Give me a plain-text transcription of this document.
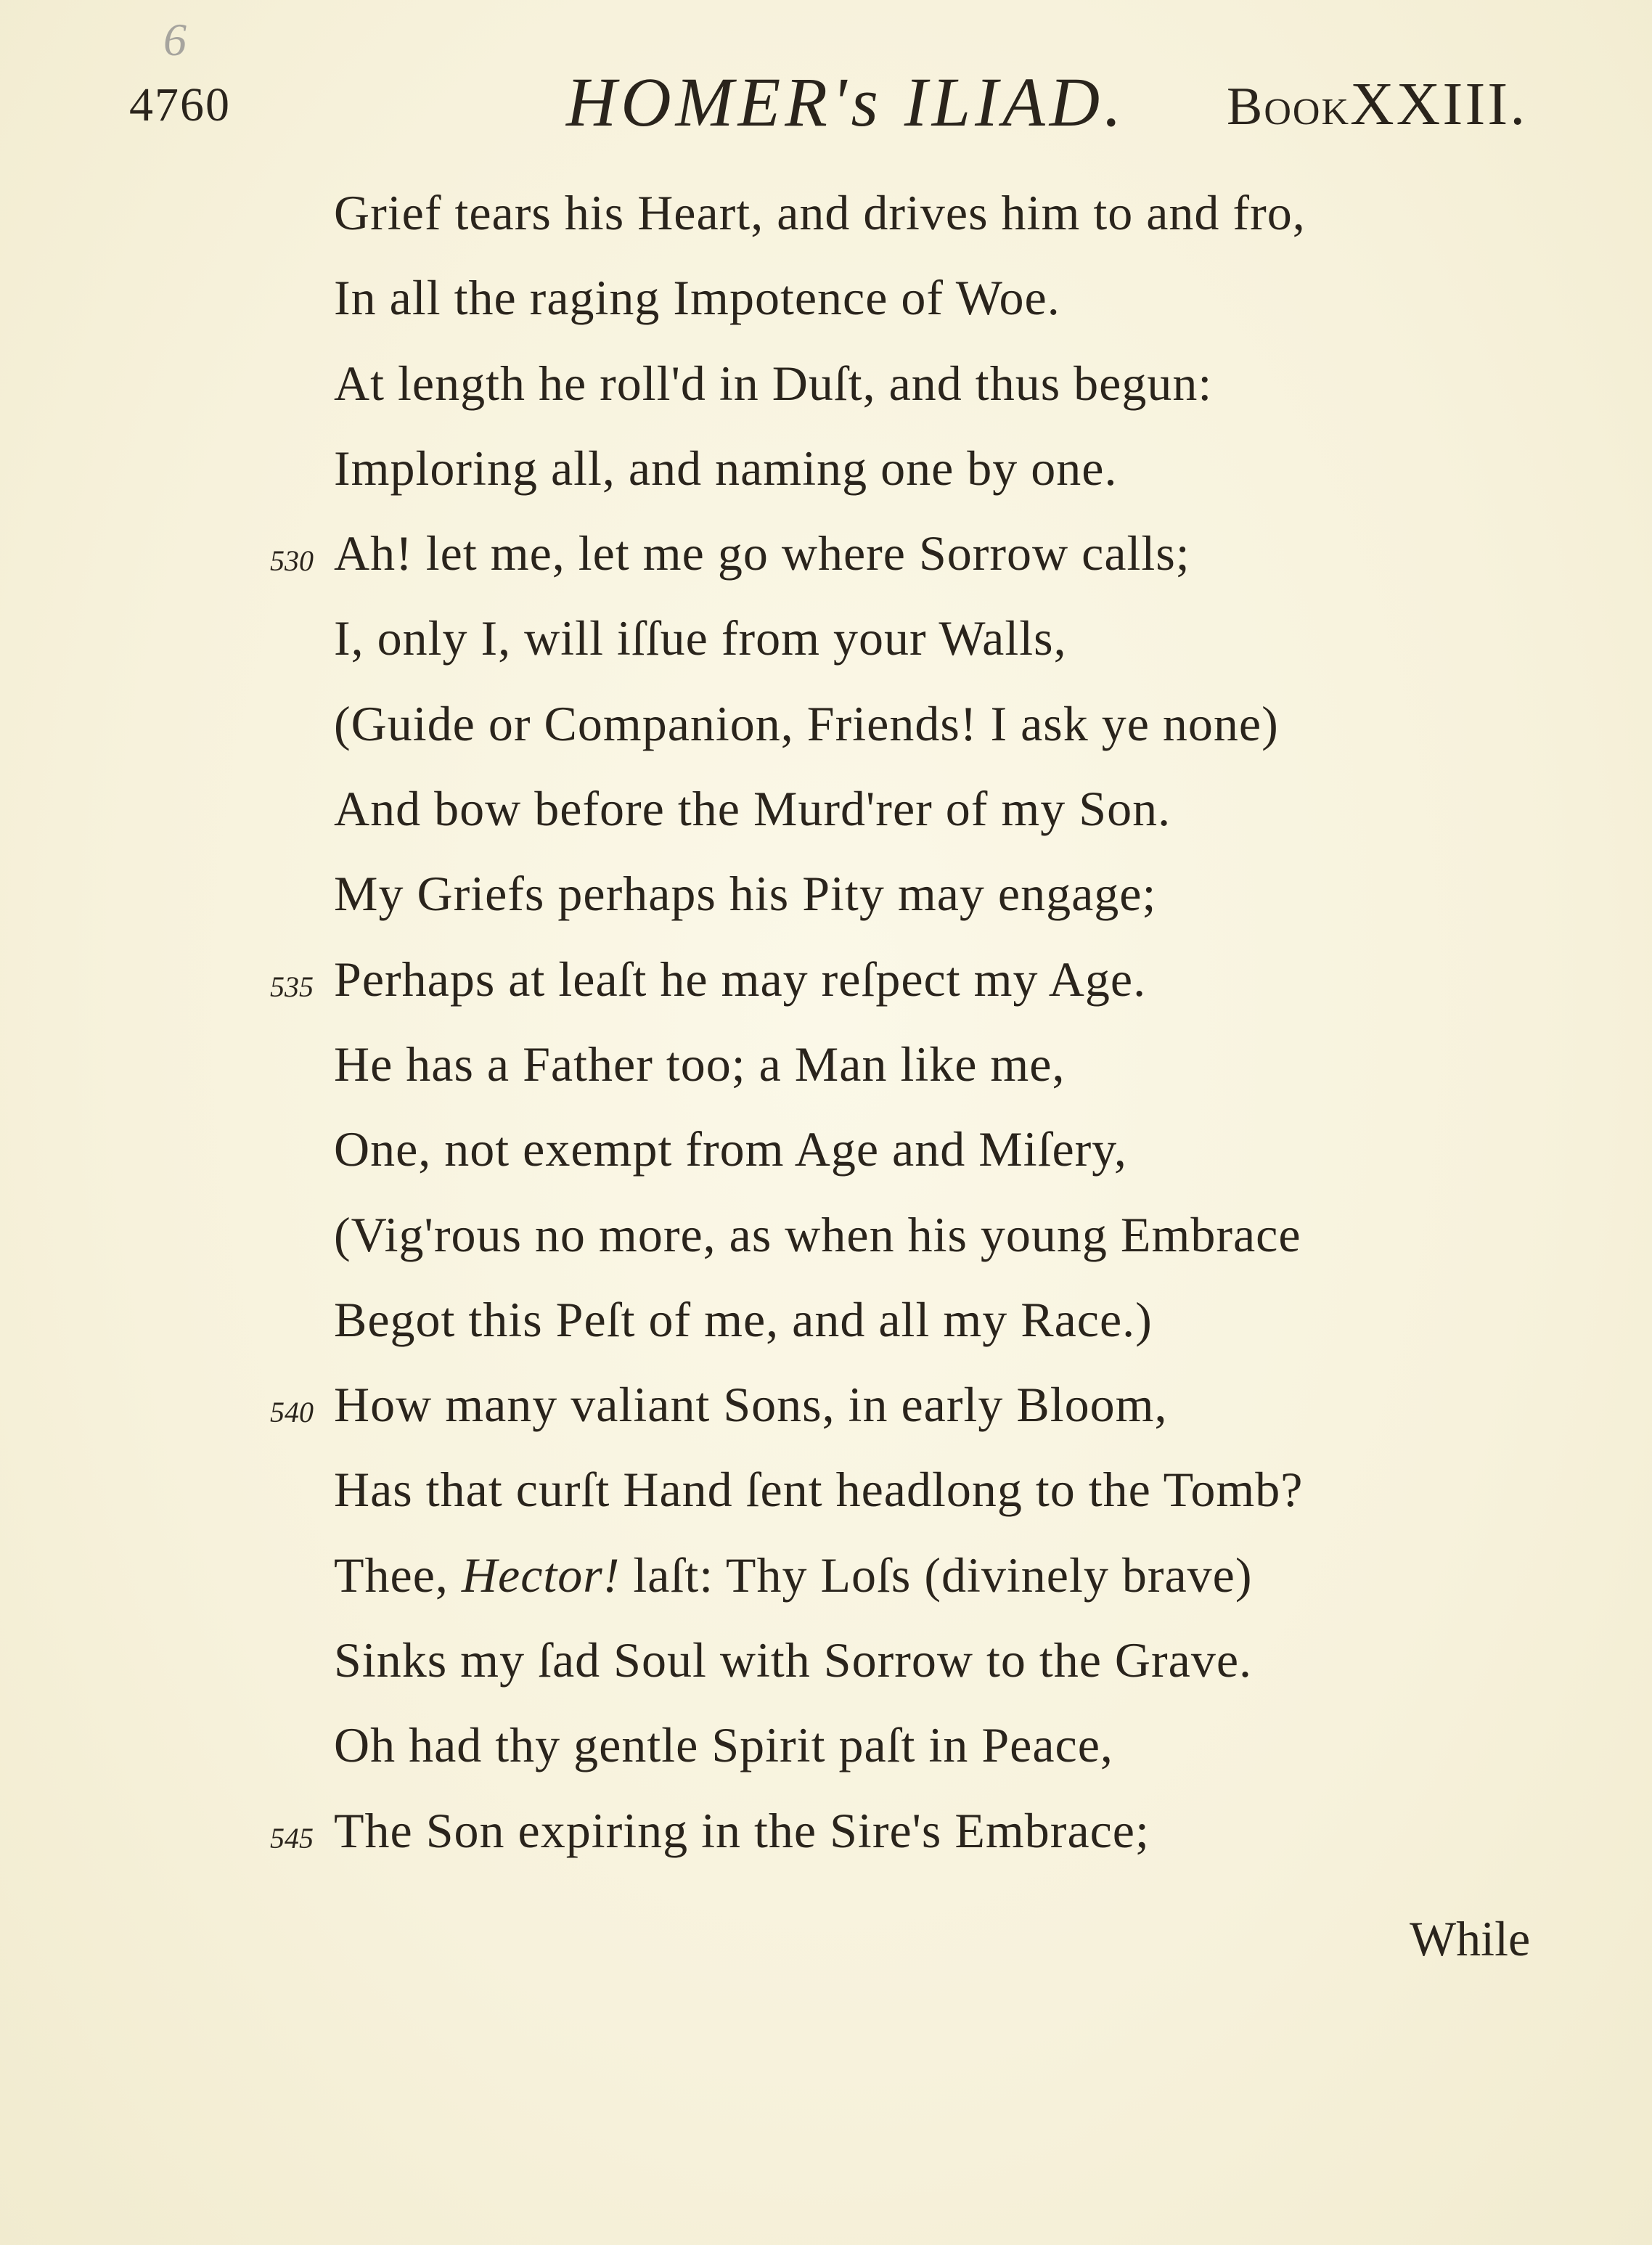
6
4760	HOMER's ILIAD. BookXXIII.
Grief tears his Heart, and drives him to and fro,
In all the raging Impotence of Woe.
At length he roll'd in Duſt, and thus begun:
Imploring all, and naming one by one.
530 Ah! let me, let me go where Sorrow calls;
I, only I, will iſſue from your Walls,
(Guide or Companion, Friends! I ask ye none)
And bow before the Murd'rer of my Son.
My Griefs perhaps his Pity may engage;
535 Perhaps at leaſt he may reſpect my Age.
He has a Father too; a Man like me,
One, not exempt from Age and Miſery,
(Vig'rous no more, as when his young Embrace
Begot this Peſt of me, and all my Race.)
540 How many valiant Sons, in early Bloom,
Has that curſt Hand ſent headlong to the Tomb?
Thee, Hector! laſt: Thy Loſs (divinely brave)
Sinks my ſad Soul with Sorrow to the Grave.
Oh had thy gentle Spirit paſt in Peace,
545 The Son expiring in the Sire's Embrace;
While
